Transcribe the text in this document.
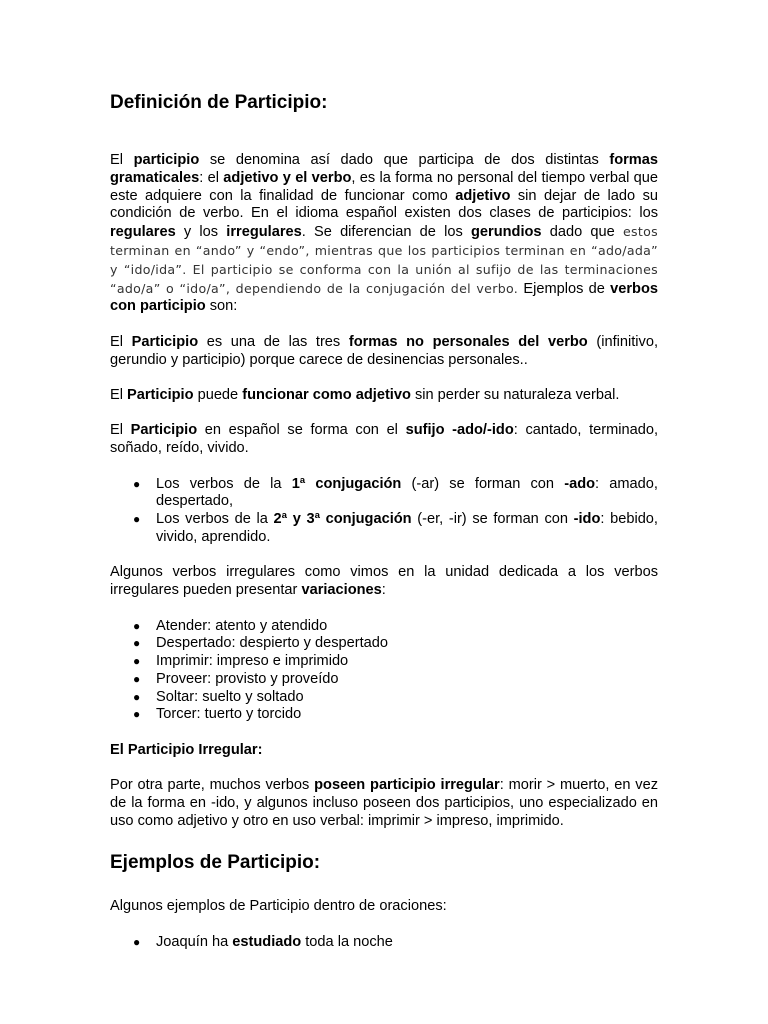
Definición de Participio:

El participio se denomina así dado que participa de dos distintas formas gramaticales: el adjetivo y el verbo, es la forma no personal del tiempo verbal que este adquiere con la finalidad de funcionar como adjetivo sin dejar de lado su condición de verbo. En el idioma español existen dos clases de participios: los regulares y los irregulares. Se diferencian de los gerundios dado que estos terminan en “ando” y “endo”, mientras que los participios terminan en “ado/ada” y “ido/ida”. El participio se conforma con la unión al sufijo de las terminaciones “ado/a” o “ido/a”, dependiendo de la conjugación del verbo. Ejemplos de verbos con participio son:

El Participio es una de las tres formas no personales del verbo (infinitivo, gerundio y participio) porque carece de desinencias personales..

El Participio puede funcionar como adjetivo sin perder su naturaleza verbal.

El Participio en español se forma con el sufijo -ado/-ido: cantado, terminado, soñado, reído, vivido.

● Los verbos de la 1ª conjugación (-ar) se forman con -ado: amado, despertado,
● Los verbos de la 2ª y 3ª conjugación (-er, -ir) se forman con -ido: bebido, vivido, aprendido.

Algunos verbos irregulares como vimos en la unidad dedicada a los verbos irregulares pueden presentar variaciones:

● Atender: atento y atendido
● Despertado: despierto y despertado
● Imprimir: impreso e imprimido
● Proveer: provisto y proveído
● Soltar: suelto y soltado
● Torcer: tuerto y torcido

El Participio Irregular:

Por otra parte, muchos verbos poseen participio irregular: morir > muerto, en vez de la forma en -ido, y algunos incluso poseen dos participios, uno especializado en uso como adjetivo y otro en uso verbal: imprimir > impreso, imprimido.

Ejemplos de Participio:

Algunos ejemplos de Participio dentro de oraciones:

● Joaquín ha estudiado toda la noche
